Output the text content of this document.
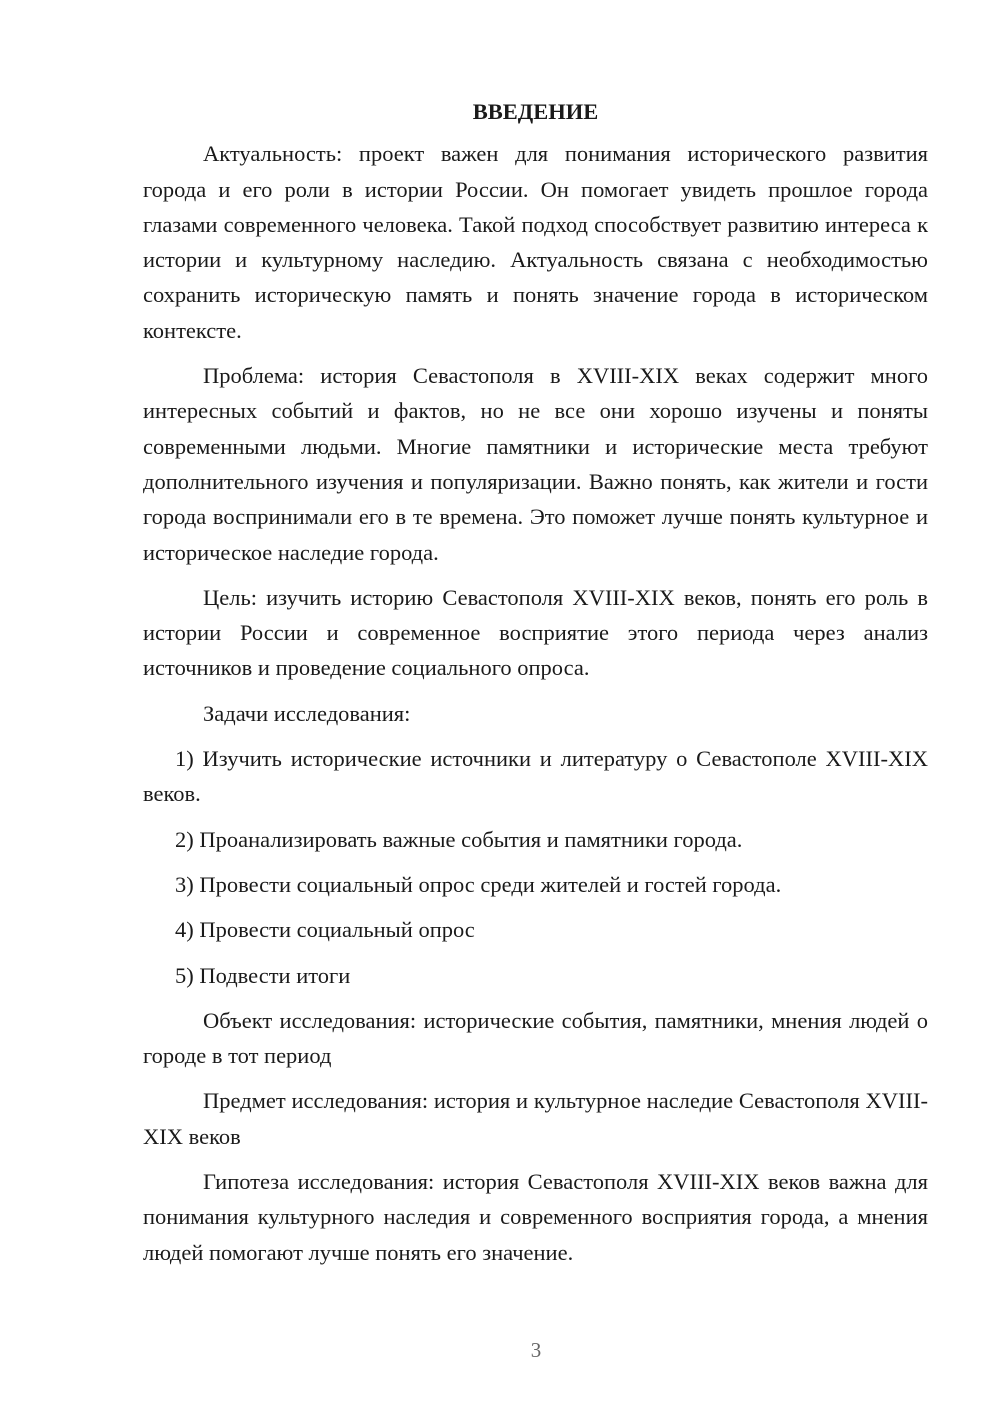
ВВЕДЕНИЕ

Актуальность: проект важен для понимания исторического развития города и его роли в истории России. Он помогает увидеть прошлое города глазами современного человека. Такой подход способствует развитию интереса к истории и культурному наследию. Актуальность связана с необходимостью сохранить историческую память и понять значение города в историческом контексте.

Проблема: история Севастополя в XVIII-XIX веках содержит много интересных событий и фактов, но не все они хорошо изучены и поняты современными людьми. Многие памятники и исторические места требуют дополнительного изучения и популяризации. Важно понять, как жители и гости города воспринимали его в те времена. Это поможет лучше понять культурное и историческое наследие города.

Цель: изучить историю Севастополя XVIII-XIX веков, понять его роль в истории России и современное восприятие этого периода через анализ источников и проведение социального опроса.

Задачи исследования:

1) Изучить исторические источники и литературу о Севастополе XVIII-XIX веков.

2) Проанализировать важные события и памятники города.

3) Провести социальный опрос среди жителей и гостей города.

4) Провести социальный опрос

5) Подвести итоги

Объект исследования: исторические события, памятники, мнения людей о городе в тот период

Предмет исследования: история и культурное наследие Севастополя XVIII-XIX веков

Гипотеза исследования: история Севастополя XVIII-XIX веков важна для понимания культурного наследия и современного восприятия города, а мнения людей помогают лучше понять его значение.

3
